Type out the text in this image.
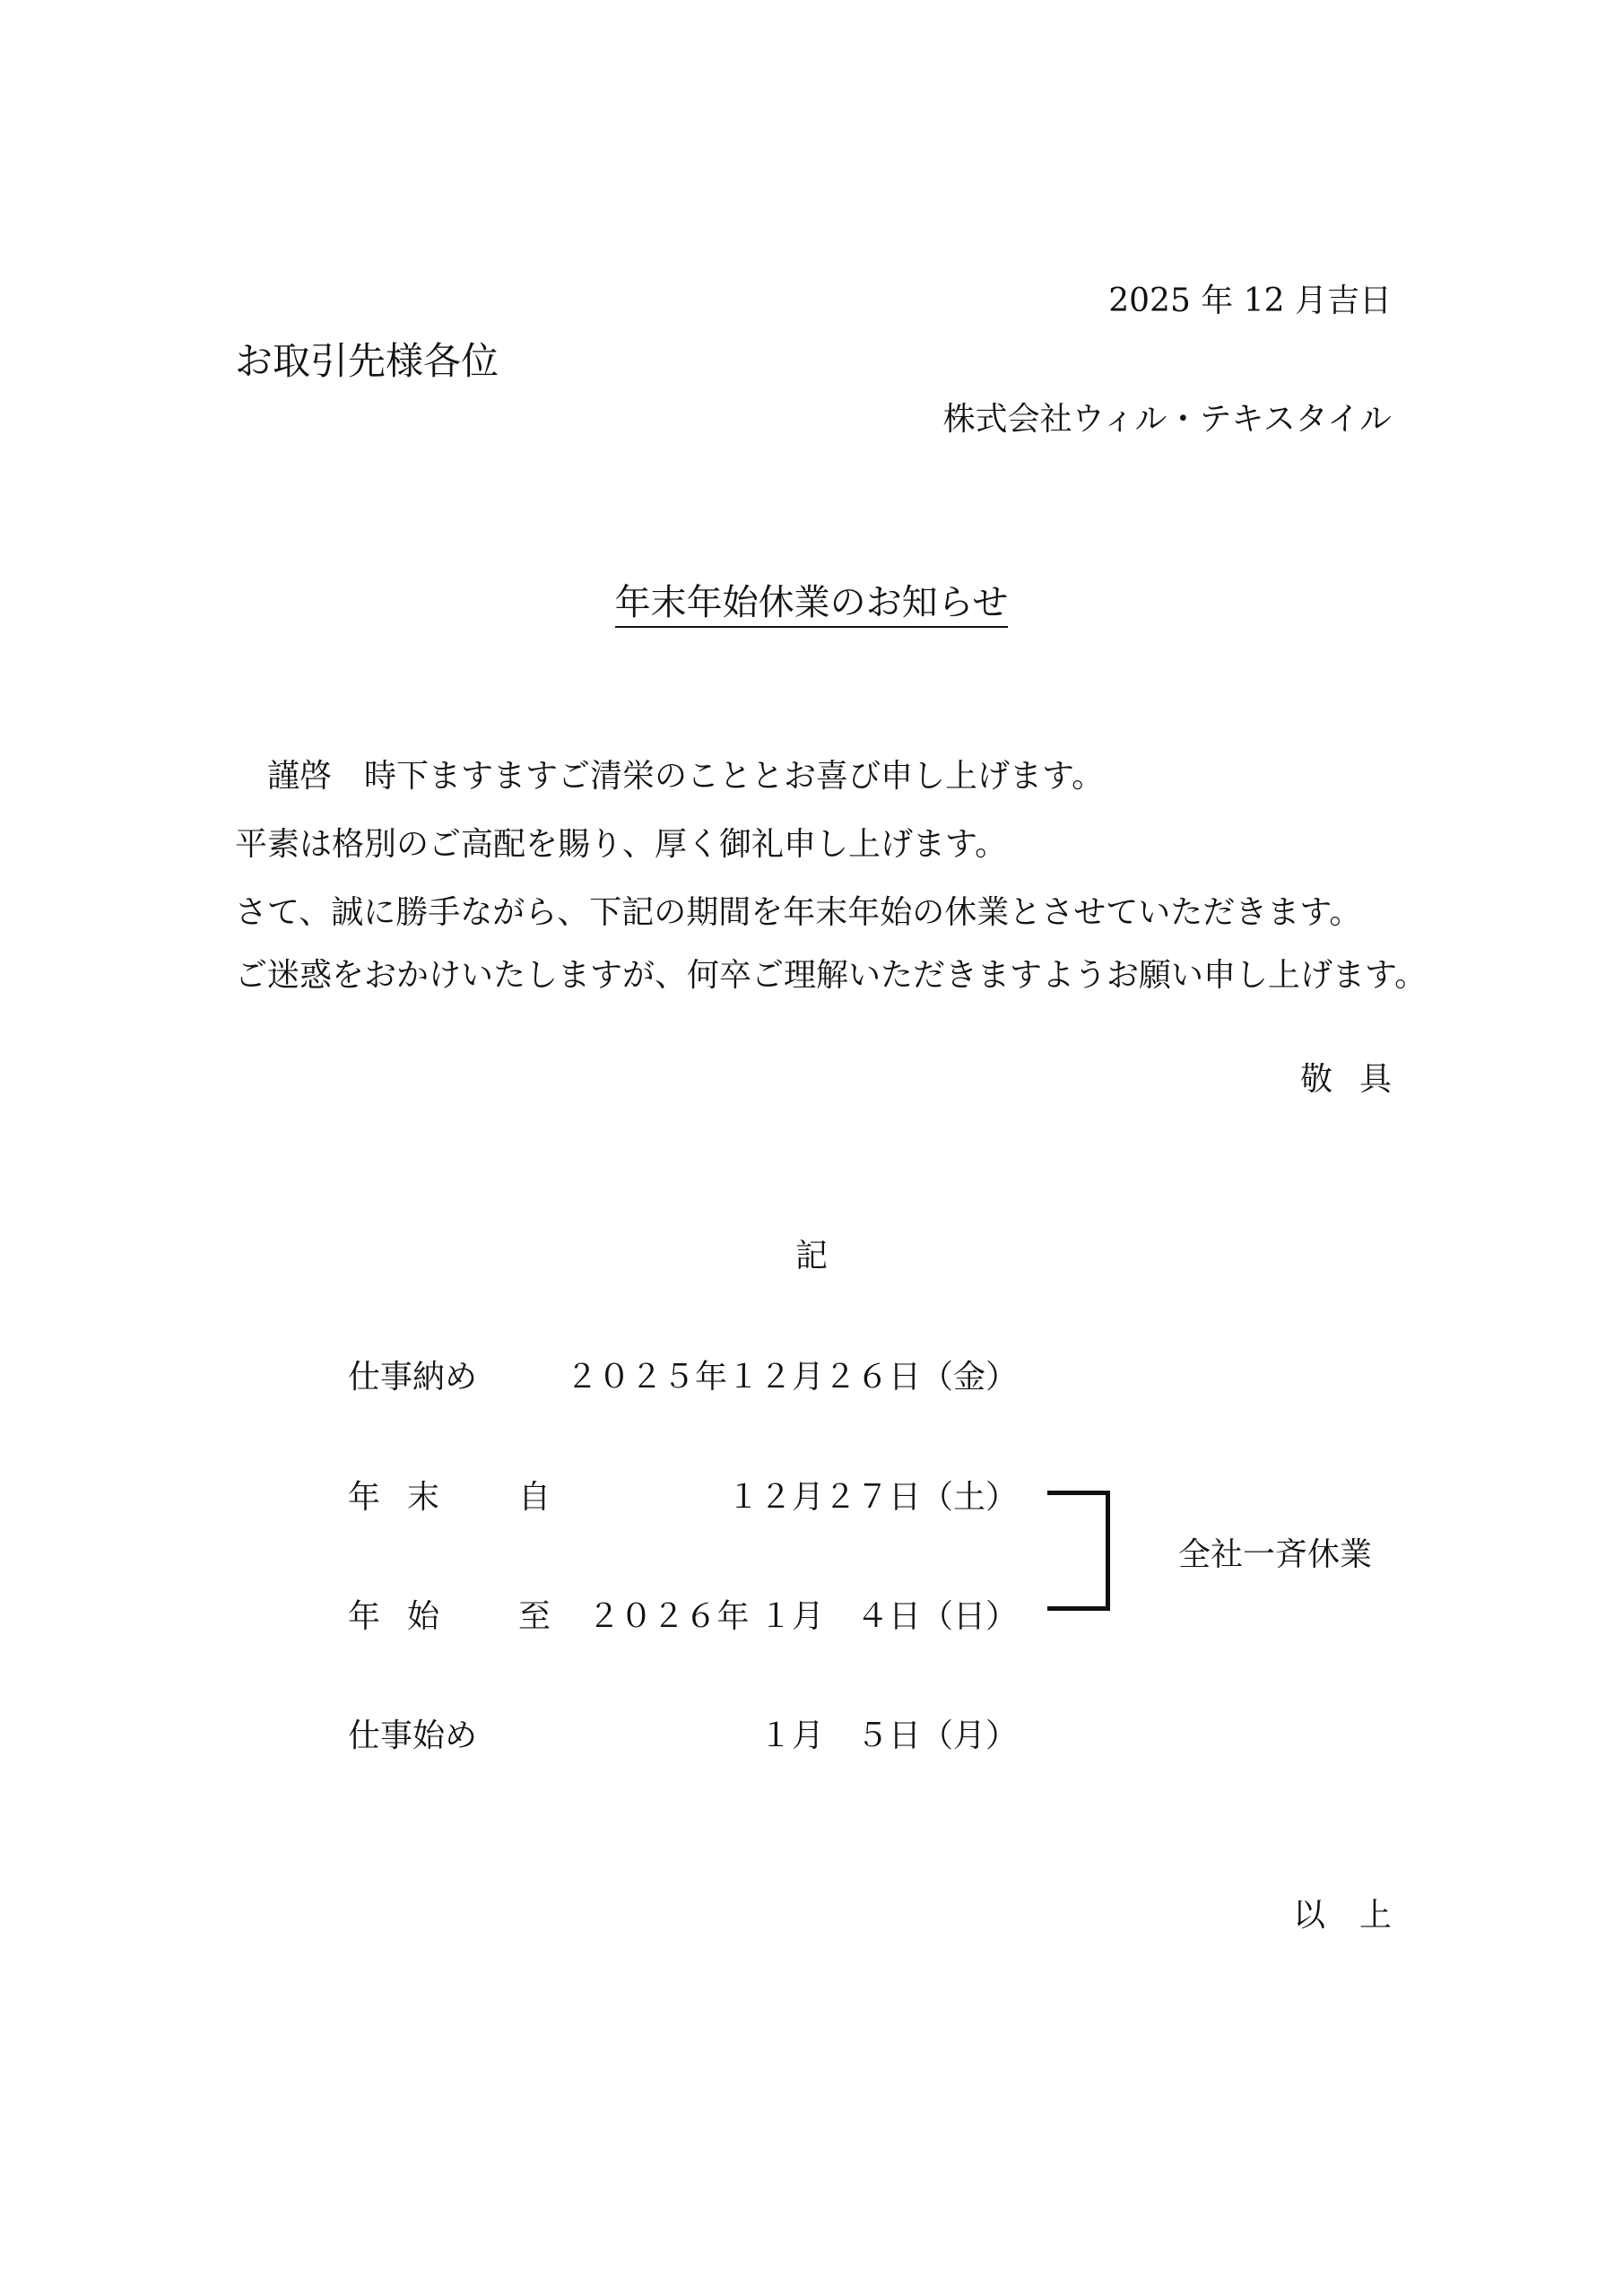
2025 年 12 月吉日
お取引先様各位
株式会社ウィル・テキスタイル
年末年始休業のお知らせ
　謹啓　時下ますますご清栄のこととお喜び申し上げます。
平素は格別のご高配を賜り、厚く御礼申し上げます。
さて、誠に勝手ながら、下記の期間を年末年始の休業とさせていただきます。
ご迷惑をおかけいたしますが、何卒ご理解いただきますようお願い申し上げます。
敬具
記
仕事納め	２０２５年１２月２６日（金）
年末 自	１２月２７日（土）
年始 至 ２０２６年 １月　４日（日）
仕事始め	１月　５日（月）
全社一斉休業
以上
